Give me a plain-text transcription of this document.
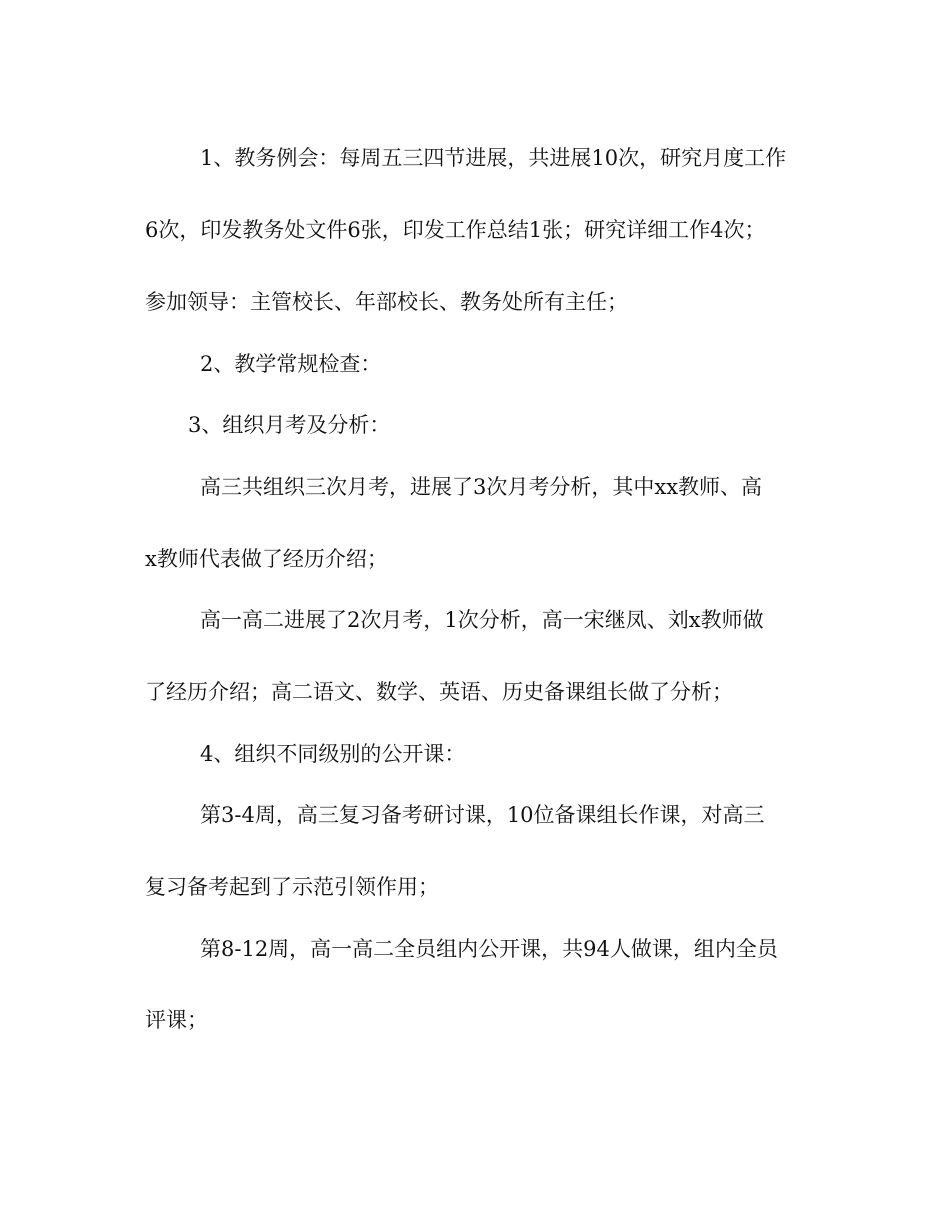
1、教务例会：每周五三四节进展，共进展10次，研究月度工作

6次，印发教务处文件6张，印发工作总结1张；研究详细工作4次；

参加领导：主管校长、年部校长、教务处所有主任；

2、教学常规检查：

3、组织月考及分析：

高三共组织三次月考，进展了3次月考分析，其中xx教师、高

x教师代表做了经历介绍；

高一高二进展了2次月考，1次分析，高一宋继凤、刘x教师做

了经历介绍；高二语文、数学、英语、历史备课组长做了分析；

4、组织不同级别的公开课：

第3-4周，高三复习备考研讨课，10位备课组长作课，对高三

复习备考起到了示范引领作用；

第8-12周，高一高二全员组内公开课，共94人做课，组内全员

评课；
